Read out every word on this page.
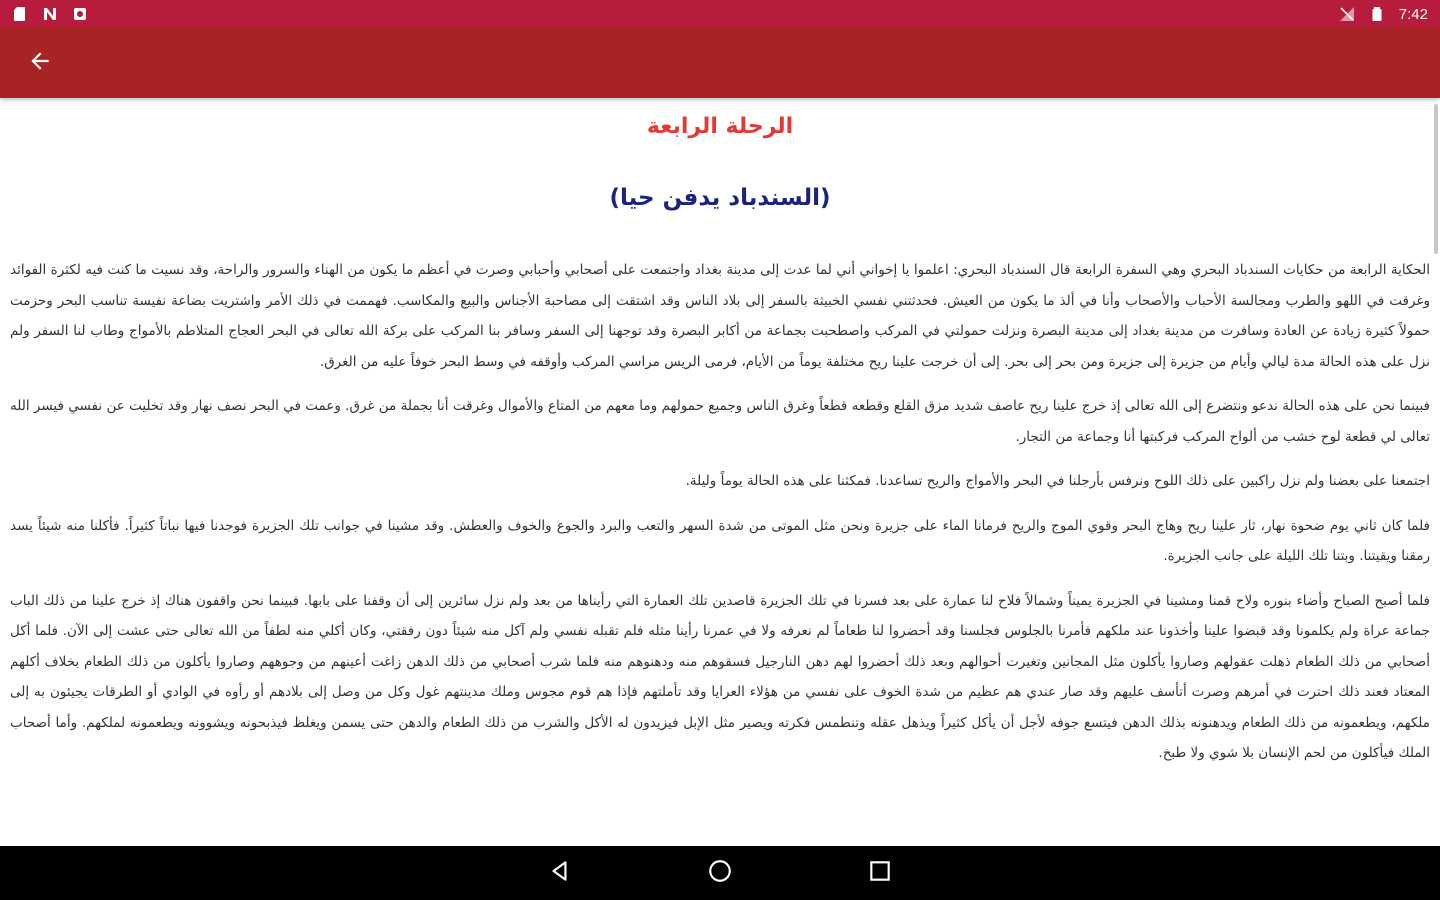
7:42
الرحلة الرابعة
(السندباد يدفن حيا)

الحكاية الرابعة من حكايات السندباد البحري وهي السفرة الرابعة قال السندباد البحري: اعلموا يا إخواني أني لما عدت إلى مدينة بغداد واجتمعت على أصحابي وأحبابي وصرت في أعظم ما يكون من الهناء والسرور والراحة، وقد نسيت ما كنت فيه لكثرة الفوائد وغرقت في اللهو والطرب ومجالسة الأحباب والأصحاب وأنا في ألذ ما يكون من العيش. فحدثتني نفسي الخبيثة بالسفر إلى بلاد الناس وقد اشتقت إلى مصاحبة الأجناس والبيع والمكاسب. فهممت في ذلك الأمر واشتريت بضاعة نفيسة تناسب البحر وحزمت حمولاً كثيرة زيادة عن العادة وسافرت من مدينة بغداد إلى مدينة البصرة ونزلت حمولتي في المركب واصطحبت بجماعة من أكابر البصرة وقد توجهنا إلى السفر وسافر بنا المركب على بركة الله تعالى في البحر العجاج المتلاطم بالأمواج وطاب لنا السفر ولم نزل على هذه الحالة مدة ليالي وأيام من جزيرة إلى جزيرة ومن بحر إلى بحر. إلى أن خرجت علينا ريح مختلفة يوماً من الأيام، فرمى الريس مراسي المركب وأوقفه في وسط البحر خوفاً عليه من الغرق.

فبينما نحن على هذه الحالة ندعو ونتضرع إلى الله تعالى إذ خرج علينا ريح عاصف شديد مزق القلع وقطعه قطعاً وغرق الناس وجميع حمولهم وما معهم من المتاع والأموال وغرقت أنا بجملة من غرق. وعمت في البحر نصف نهار وقد تخليت عن نفسي فيسر الله تعالى لي قطعة لوح خشب من ألواح المركب فركبتها أنا وجماعة من التجار.

اجتمعنا على بعضنا ولم نزل راكبين على ذلك اللوح ونرفس بأرجلنا في البحر والأمواج والريح تساعدنا. فمكثنا على هذه الحالة يوماً وليلة.

فلما كان ثاني يوم ضحوة نهار، ثار علينا ريح وهاج البحر وقوي الموج والريح فرمانا الماء على جزيرة ونحن مثل الموتى من شدة السهر والتعب والبرد والجوع والخوف والعطش. وقد مشينا في جوانب تلك الجزيرة فوجدنا فيها نباتاً كثيراً. فأكلنا منه شيئاً يسد رمقنا ويقيتنا. وبتنا تلك الليلة على جانب الجزيرة.

فلما أصبح الصباح وأضاء بنوره ولاح قمنا ومشينا في الجزيرة يميناً وشمالاً فلاح لنا عمارة على بعد فسرنا في تلك الجزيرة قاصدين تلك العمارة التي رأيناها من بعد ولم نزل سائرين إلى أن وقفنا على بابها. فبينما نحن واقفون هناك إذ خرج علينا من ذلك الباب جماعة عراة ولم يكلمونا وقد قبضوا علينا وأخذونا عند ملكهم فأمرنا بالجلوس فجلسنا وقد أحضروا لنا طعاماً لم نعرفه ولا في عمرنا رأينا مثله فلم تقبله نفسي ولم آكل منه شيئاً دون رفقتي، وكان أكلي منه لطفاً من الله تعالى حتى عشت إلى الآن. فلما أكل أصحابي من ذلك الطعام ذهلت عقولهم وصاروا يأكلون مثل المجانين وتغيرت أحوالهم وبعد ذلك أحضروا لهم دهن النارجيل فسقوهم منه ودهنوهم منه فلما شرب أصحابي من ذلك الدهن زاغت أعينهم من وجوههم وصاروا يأكلون من ذلك الطعام بخلاف أكلهم المعتاد فعند ذلك احترت في أمرهم وصرت أتأسف عليهم وقد صار عندي هم عظيم من شدة الخوف على نفسي من هؤلاء العرايا وقد تأملتهم فإذا هم قوم مجوس وملك مدينتهم غول وكل من وصل إلى بلادهم أو رأوه في الوادي أو الطرقات يجيئون به إلى ملكهم، ويطعمونه من ذلك الطعام ويدهنونه بذلك الدهن فيتسع جوفه لأجل أن يأكل كثيراً ويذهل عقله وتنطمس فكرته ويصير مثل الإبل فيزيدون له الأكل والشرب من ذلك الطعام والدهن حتى يسمن ويغلظ فيذبحونه ويشوونه ويطعمونه لملكهم. وأما أصحاب الملك فيأكلون من لحم الإنسان بلا شوي ولا طبخ.
